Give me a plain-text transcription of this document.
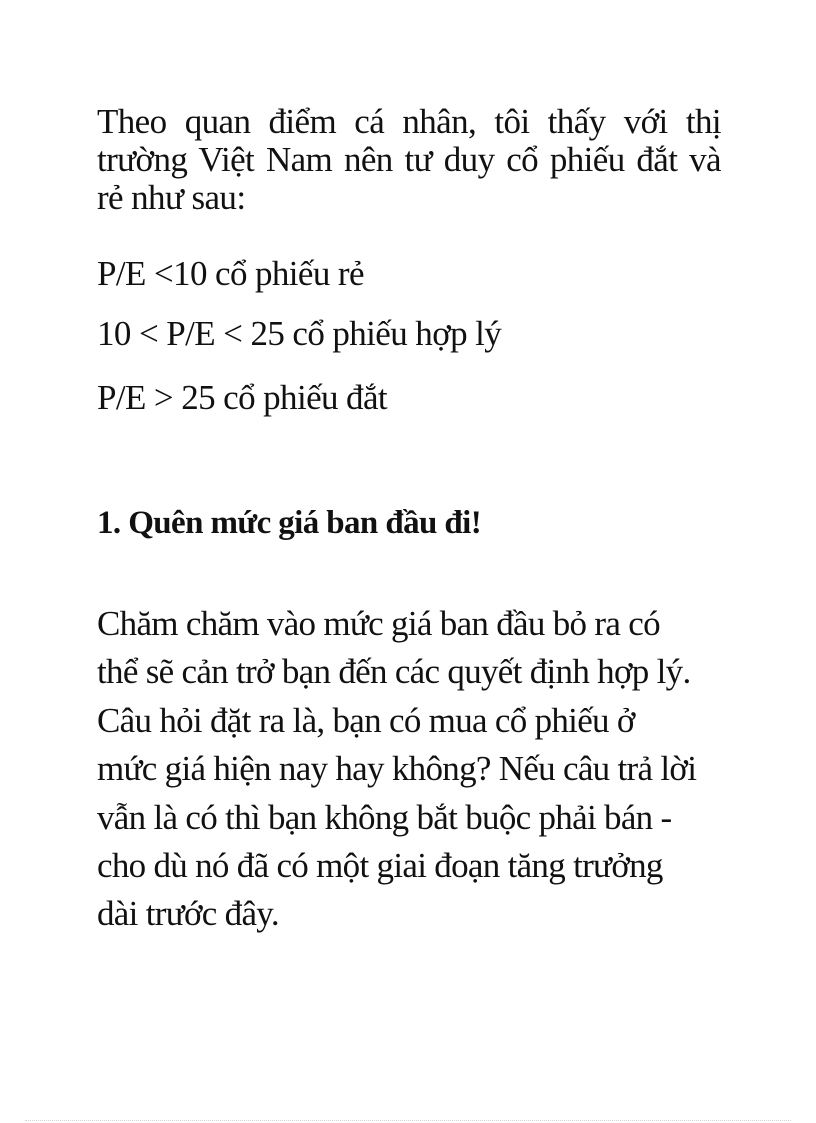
Theo quan điểm cá nhân, tôi thấy với thị
trường Việt Nam nên tư duy cổ phiếu đắt và
rẻ như sau:

P/E <10 cổ phiếu rẻ

10 < P/E < 25 cổ phiếu hợp lý

P/E > 25 cổ phiếu đắt

1. Quên mức giá ban đầu đi!

Chăm chăm vào mức giá ban đầu bỏ ra có
thể sẽ cản trở bạn đến các quyết định hợp lý.
Câu hỏi đặt ra là, bạn có mua cổ phiếu ở
mức giá hiện nay hay không? Nếu câu trả lời
vẫn là có thì bạn không bắt buộc phải bán -
cho dù nó đã có một giai đoạn tăng trưởng
dài trước đây.
